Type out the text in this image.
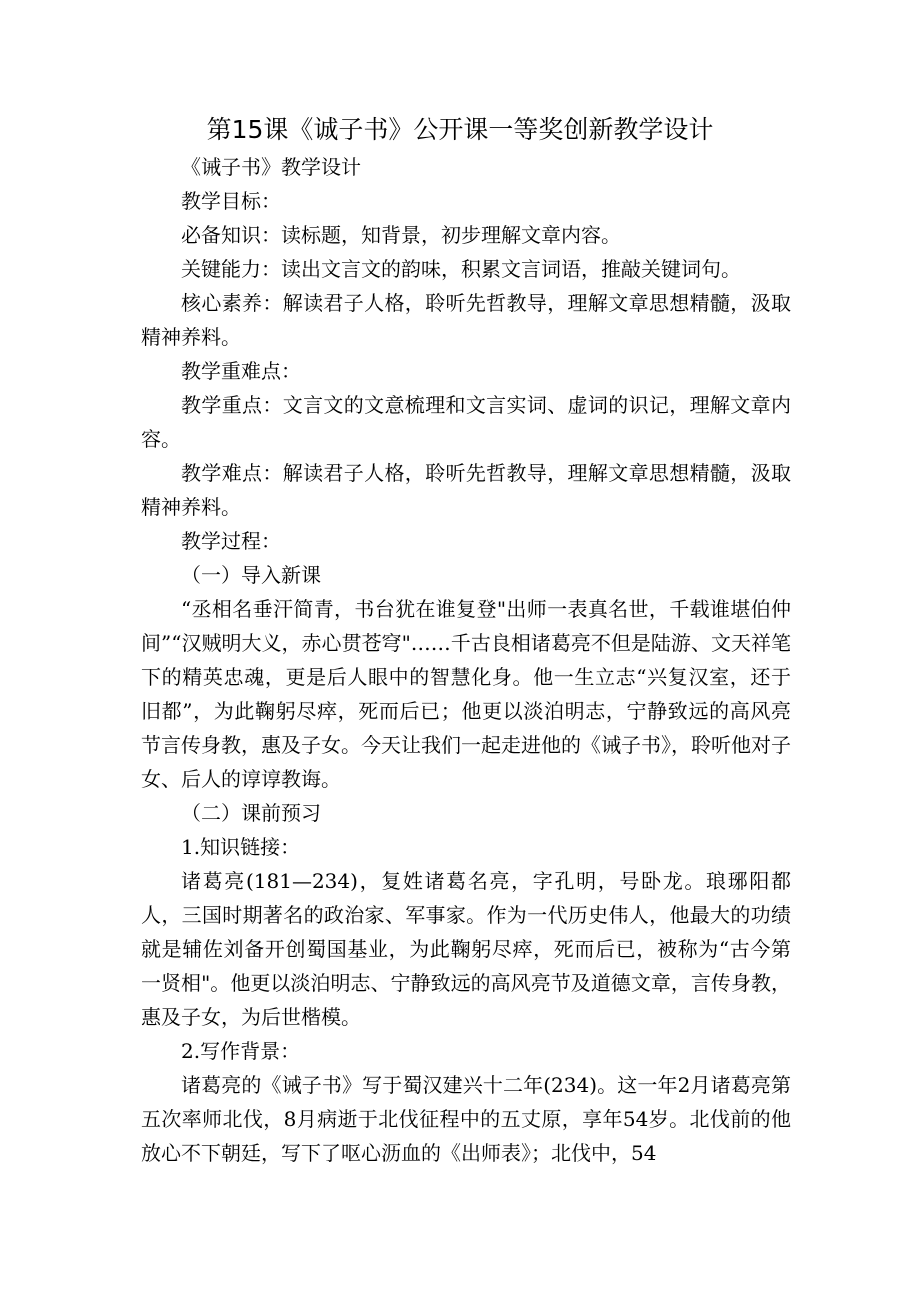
第15课《诚子书》公开课一等奖创新教学设计

《诫子书》教学设计

教学目标：

必备知识：读标题，知背景，初步理解文章内容。

关键能力：读出文言文的韵味，积累文言词语，推敲关键词句。

核心素养：解读君子人格，聆听先哲教导，理解文章思想精髓，汲取精神养料。

教学重难点：

教学重点：文言文的文意梳理和文言实词、虚词的识记，理解文章内容。

教学难点：解读君子人格，聆听先哲教导，理解文章思想精髓，汲取精神养料。

教学过程：

（一）导入新课

“丞相名垂汗简青，书台犹在谁复登"出师一表真名世，千载谁堪伯仲间”“汉贼明大义，赤心贯苍穹"……千古良相诸葛亮不但是陆游、文天祥笔下的精英忠魂，更是后人眼中的智慧化身。他一生立志“兴复汉室，还于旧都”，为此鞠躬尽瘁，死而后已；他更以淡泊明志，宁静致远的高风亮节言传身教，惠及子女。今天让我们一起走进他的《诫子书》，聆听他对子女、后人的谆谆教诲。

（二）课前预习

1.知识链接：

诸葛亮(181—234)，复姓诸葛名亮，字孔明，号卧龙。琅琊阳都人，三国时期著名的政治家、军事家。作为一代历史伟人，他最大的功绩就是辅佐刘备开创蜀国基业，为此鞠躬尽瘁，死而后已，被称为“古今第一贤相"。他更以淡泊明志、宁静致远的高风亮节及道德文章，言传身教，惠及子女，为后世楷模。

2.写作背景：

诸葛亮的《诫子书》写于蜀汉建兴十二年(234)。这一年2月诸葛亮第五次率师北伐，8月病逝于北伐征程中的五丈原，享年54岁。北伐前的他放心不下朝廷，写下了呕心沥血的《出师表》；北伐中，54
